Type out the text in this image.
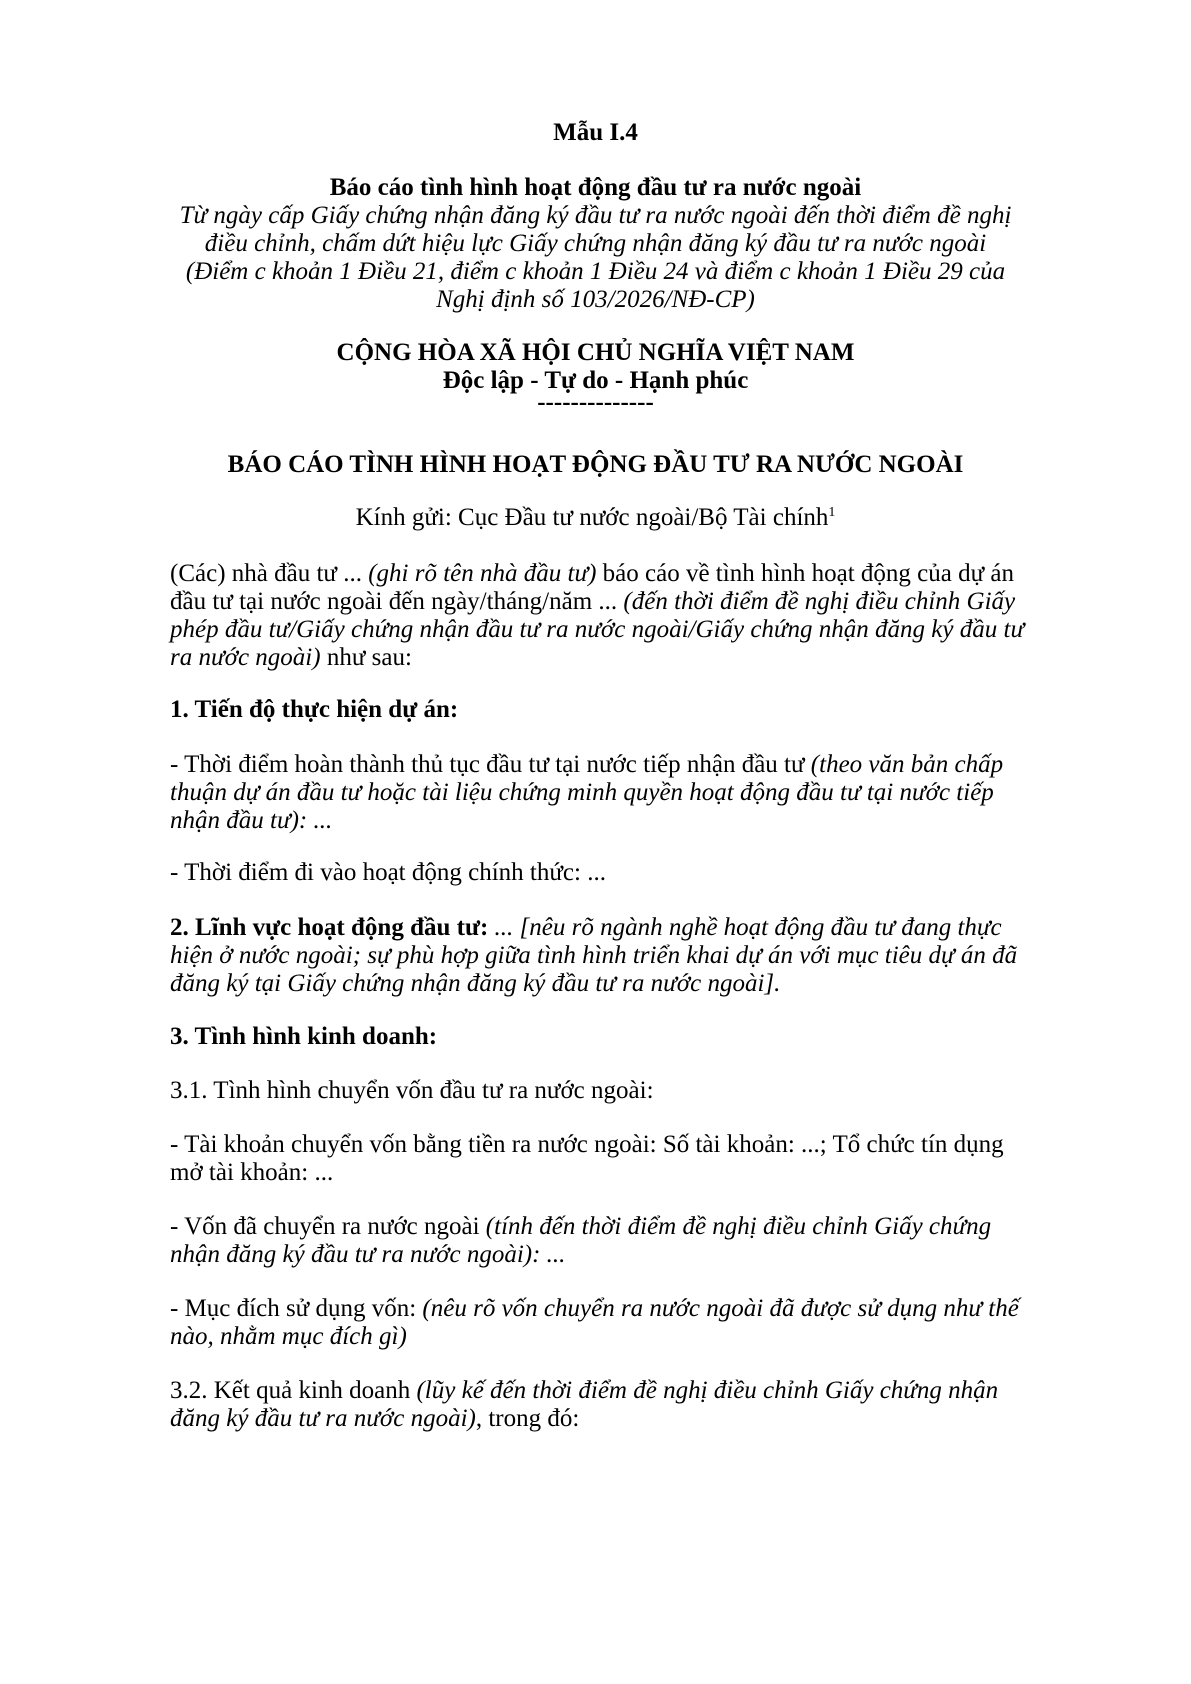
Mẫu I.4

Báo cáo tình hình hoạt động đầu tư ra nước ngoài

Từ ngày cấp Giấy chứng nhận đăng ký đầu tư ra nước ngoài đến thời điểm đề nghị

điều chỉnh, chấm dứt hiệu lực Giấy chứng nhận đăng ký đầu tư ra nước ngoài

(Điểm c khoản 1 Điều 21, điểm c khoản 1 Điều 24 và điểm c khoản 1 Điều 29 của

Nghị định số 103/2026/NĐ-CP)

CỘNG HÒA XÃ HỘI CHỦ NGHĨA VIỆT NAM

Độc lập - Tự do - Hạnh phúc

--------------

BÁO CÁO TÌNH HÌNH HOẠT ĐỘNG ĐẦU TƯ RA NƯỚC NGOÀI

Kính gửi: Cục Đầu tư nước ngoài/Bộ Tài chính$^1$

(Các) nhà đầu tư ... (ghi rõ tên nhà đầu tư) báo cáo về tình hình hoạt động của dự án

đầu tư tại nước ngoài đến ngày/tháng/năm ... (đến thời điểm đề nghị điều chỉnh Giấy

phép đầu tư/Giấy chứng nhận đầu tư ra nước ngoài/Giấy chứng nhận đăng ký đầu tư

ra nước ngoài) như sau:

1. Tiến độ thực hiện dự án:

- Thời điểm hoàn thành thủ tục đầu tư tại nước tiếp nhận đầu tư (theo văn bản chấp

thuận dự án đầu tư hoặc tài liệu chứng minh quyền hoạt động đầu tư tại nước tiếp

nhận đầu tư): ...

- Thời điểm đi vào hoạt động chính thức: ...

2. Lĩnh vực hoạt động đầu tư: ... [nêu rõ ngành nghề hoạt động đầu tư đang thực

hiện ở nước ngoài; sự phù hợp giữa tình hình triển khai dự án với mục tiêu dự án đã

đăng ký tại Giấy chứng nhận đăng ký đầu tư ra nước ngoài].

3. Tình hình kinh doanh:

3.1. Tình hình chuyển vốn đầu tư ra nước ngoài:

- Tài khoản chuyển vốn bằng tiền ra nước ngoài: Số tài khoản: ...; Tổ chức tín dụng

mở tài khoản: ...

- Vốn đã chuyển ra nước ngoài (tính đến thời điểm đề nghị điều chỉnh Giấy chứng

nhận đăng ký đầu tư ra nước ngoài): ...

- Mục đích sử dụng vốn: (nêu rõ vốn chuyển ra nước ngoài đã được sử dụng như thế

nào, nhằm mục đích gì)

3.2. Kết quả kinh doanh (lũy kế đến thời điểm đề nghị điều chỉnh Giấy chứng nhận

đăng ký đầu tư ra nước ngoài), trong đó:
